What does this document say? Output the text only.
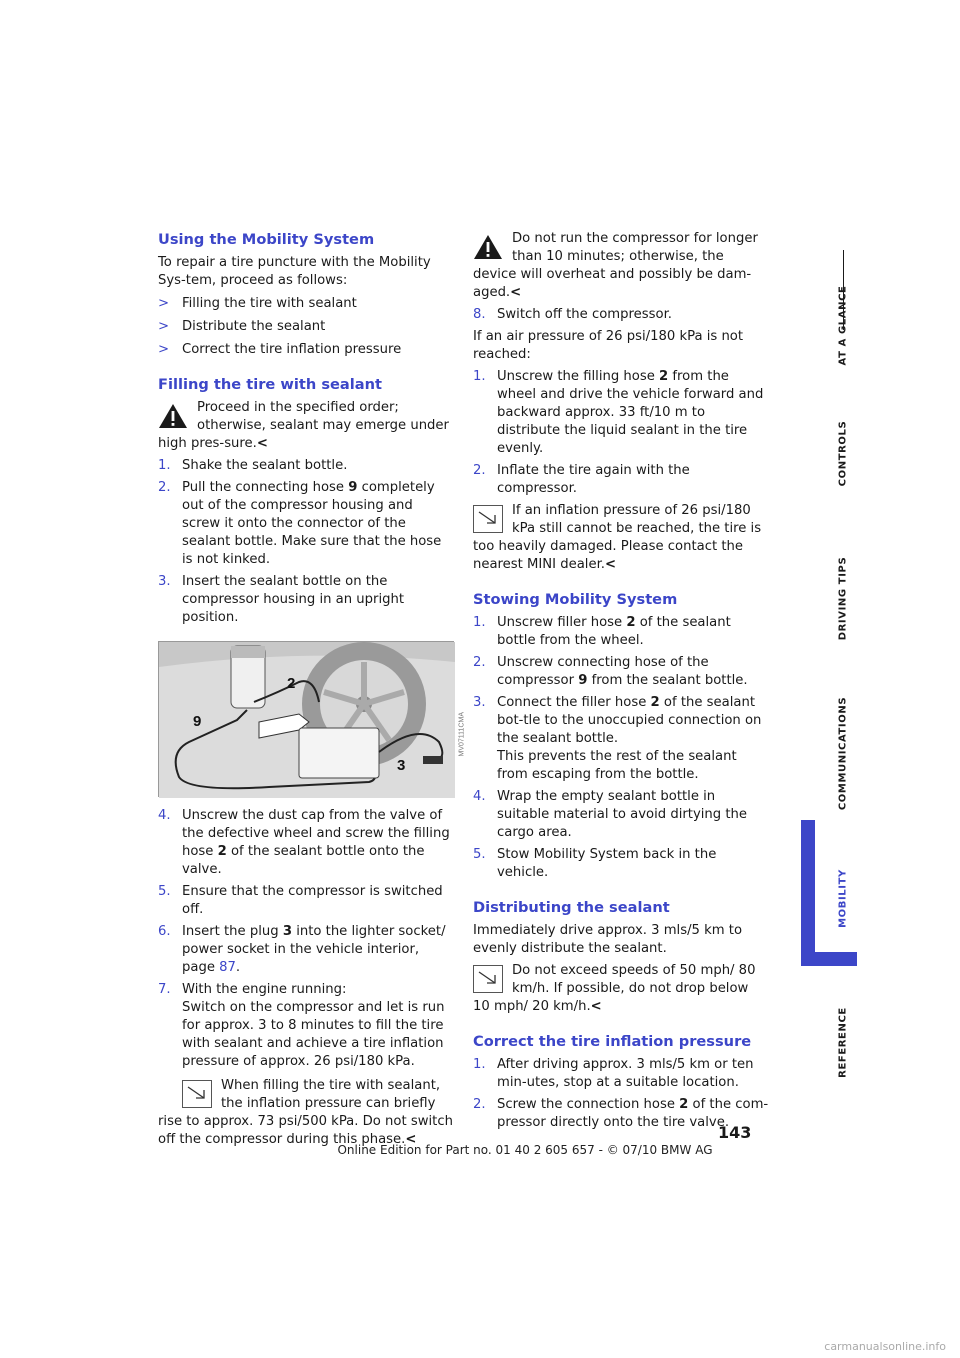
AT A GLANCE
CONTROLS
DRIVING TIPS
COMMUNICATIONS
MOBILITY
REFERENCE
Using the Mobility System
To repair a tire puncture with the Mobility Sys-tem, proceed as follows:
> Filling the tire with sealant
> Distribute the sealant
> Correct the tire inflation pressure
Filling the tire with sealant
Proceed in the specified order; otherwise, sealant may emerge under high pres-sure.<
1. Shake the sealant bottle.
2. Pull the connecting hose 9 completely out of the compressor housing and screw it onto the connector of the sealant bottle. Make sure that the hose is not kinked.
3. Insert the sealant bottle on the compressor housing in an upright position.
2
9
3
MV07111CMA
4. Unscrew the dust cap from the valve of the defective wheel and screw the filling hose 2 of the sealant bottle onto the valve.
5. Ensure that the compressor is switched off.
6. Insert the plug 3 into the lighter socket/ power socket in the vehicle interior, page 87.
7. With the engine running:
Switch on the compressor and let is run for approx. 3 to 8 minutes to fill the tire with sealant and achieve a tire inflation pressure of approx. 26 psi/180 kPa.
When filling the tire with sealant, the inflation pressure can briefly rise to approx. 73 psi/500 kPa. Do not switch off the compressor during this phase.<
Do not run the compressor for longer than 10 minutes; otherwise, the device will overheat and possibly be dam-aged.<
8. Switch off the compressor.
If an air pressure of 26 psi/180 kPa is not reached:
1. Unscrew the filling hose 2 from the wheel and drive the vehicle forward and backward approx. 33 ft/10 m to distribute the liquid sealant in the tire evenly.
2. Inflate the tire again with the compressor.
If an inflation pressure of 26 psi/180 kPa still cannot be reached, the tire is too heavily damaged. Please contact the nearest MINI dealer.<
Stowing Mobility System
1. Unscrew filler hose 2 of the sealant bottle from the wheel.
2. Unscrew connecting hose of the compressor 9 from the sealant bottle.
3. Connect the filler hose 2 of the sealant bot-tle to the unoccupied connection on the sealant bottle.
This prevents the rest of the sealant from escaping from the bottle.
4. Wrap the empty sealant bottle in suitable material to avoid dirtying the cargo area.
5. Stow Mobility System back in the vehicle.
Distributing the sealant
Immediately drive approx. 3 mls/5 km to evenly distribute the sealant.
Do not exceed speeds of 50 mph/ 80 km/h. If possible, do not drop below 10 mph/ 20 km/h.<
Correct the tire inflation pressure
1. After driving approx. 3 mls/5 km or ten min-utes, stop at a suitable location.
2. Screw the connection hose 2 of the com-pressor directly onto the tire valve.
143
Online Edition for Part no. 01 40 2 605 657 - © 07/10 BMW AG
carmanualsonline.info
